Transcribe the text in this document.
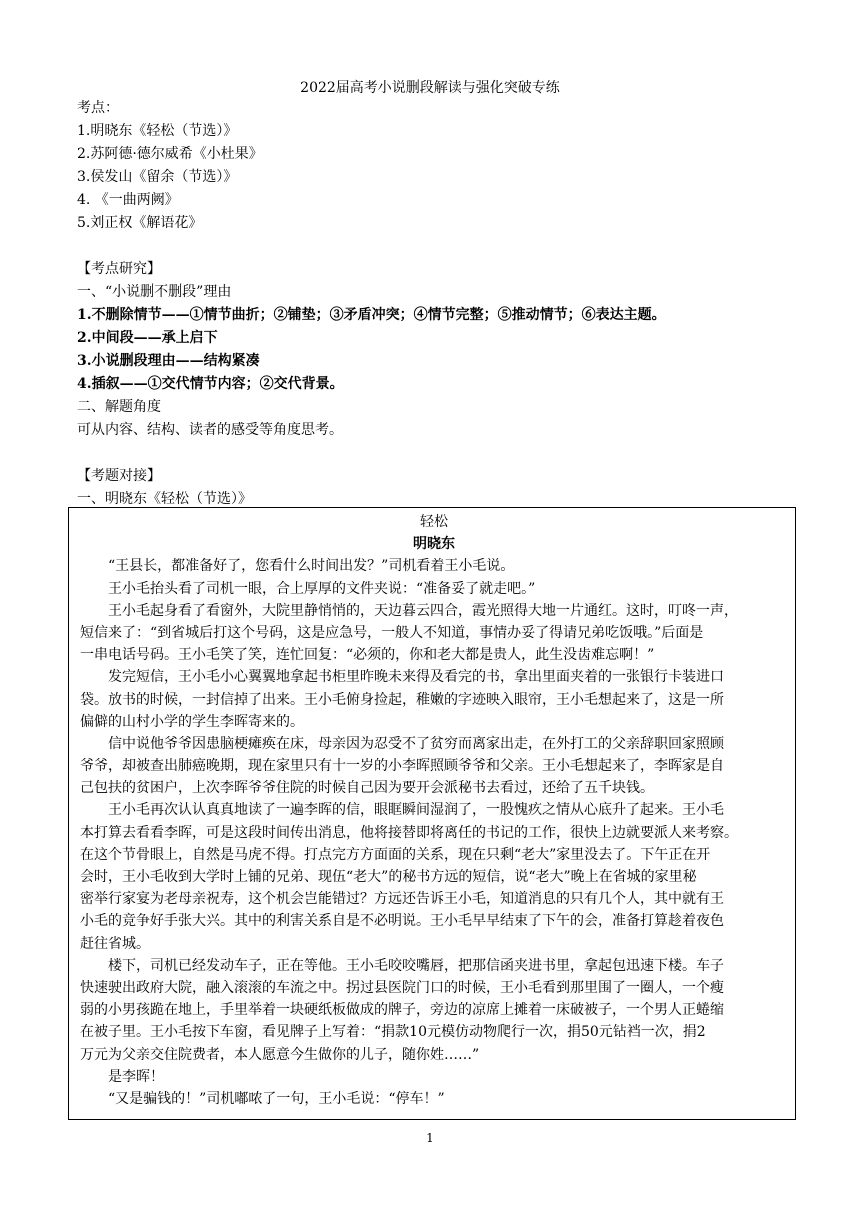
2022届高考小说删段解读与强化突破专练
考点：
1.明晓东《轻松（节选）》
2.苏阿德·德尔威希《小杜果》
3.侯发山《留余（节选）》
4. 《一曲两阙》
5.刘正权《解语花》
【考点研究】
一、“小说删不删段”理由
1.不删除情节——①情节曲折；②铺垫；③矛盾冲突；④情节完整；⑤推动情节；⑥表达主题。
2.中间段——承上启下
3.小说删段理由——结构紧凑
4.插叙——①交代情节内容；②交代背景。
二、解题角度
可从内容、结构、读者的感受等角度思考。
【考题对接】
一、明晓东《轻松（节选）》
轻松
明晓东
“王县长，都准备好了，您看什么时间出发？”司机看着王小毛说。
王小毛抬头看了司机一眼，合上厚厚的文件夹说：“准备妥了就走吧。”
王小毛起身看了看窗外，大院里静悄悄的，天边暮云四合，霞光照得大地一片通红。这时，叮咚一声，
短信来了：“到省城后打这个号码，这是应急号，一般人不知道，事情办妥了得请兄弟吃饭哦。”后面是
一串电话号码。王小毛笑了笑，连忙回复：“必须的，你和老大都是贵人，此生没齿难忘啊！”
发完短信，王小毛小心翼翼地拿起书柜里昨晚未来得及看完的书，拿出里面夹着的一张银行卡装进口
袋。放书的时候，一封信掉了出来。王小毛俯身捡起，稚嫩的字迹映入眼帘，王小毛想起来了，这是一所
偏僻的山村小学的学生李晖寄来的。
信中说他爷爷因患脑梗瘫痪在床，母亲因为忍受不了贫穷而离家出走，在外打工的父亲辞职回家照顾
爷爷，却被查出肺癌晚期，现在家里只有十一岁的小李晖照顾爷爷和父亲。王小毛想起来了，李晖家是自
己包扶的贫困户，上次李晖爷爷住院的时候自己因为要开会派秘书去看过，还给了五千块钱。
王小毛再次认认真真地读了一遍李晖的信，眼眶瞬间湿润了，一股愧疚之情从心底升了起来。王小毛
本打算去看看李晖，可是这段时间传出消息，他将接替即将离任的书记的工作，很快上边就要派人来考察。
在这个节骨眼上，自然是马虎不得。打点完方方面面的关系，现在只剩“老大”家里没去了。下午正在开
会时，王小毛收到大学时上铺的兄弟、现伍“老大”的秘书方远的短信，说“老大”晚上在省城的家里秘
密举行家宴为老母亲祝寿，这个机会岂能错过？方远还告诉王小毛，知道消息的只有几个人，其中就有王
小毛的竞争好手张大兴。其中的利害关系自是不必明说。王小毛早早结束了下午的会，准备打算趁着夜色
赶往省城。
楼下，司机已经发动车子，正在等他。王小毛咬咬嘴唇，把那信函夹进书里，拿起包迅速下楼。车子
快速驶出政府大院，融入滚滚的车流之中。拐过县医院门口的时候，王小毛看到那里围了一圈人，一个瘦
弱的小男孩跪在地上，手里举着一块硬纸板做成的牌子，旁边的凉席上摊着一床破被子，一个男人正蜷缩
在被子里。王小毛按下车窗，看见牌子上写着：“捐款10元模仿动物爬行一次，捐50元钻裆一次，捐2
万元为父亲交住院费者，本人愿意今生做你的儿子，随你姓……”
是李晖！
“又是骗钱的！”司机嘟哝了一句，王小毛说：“停车！”
1
